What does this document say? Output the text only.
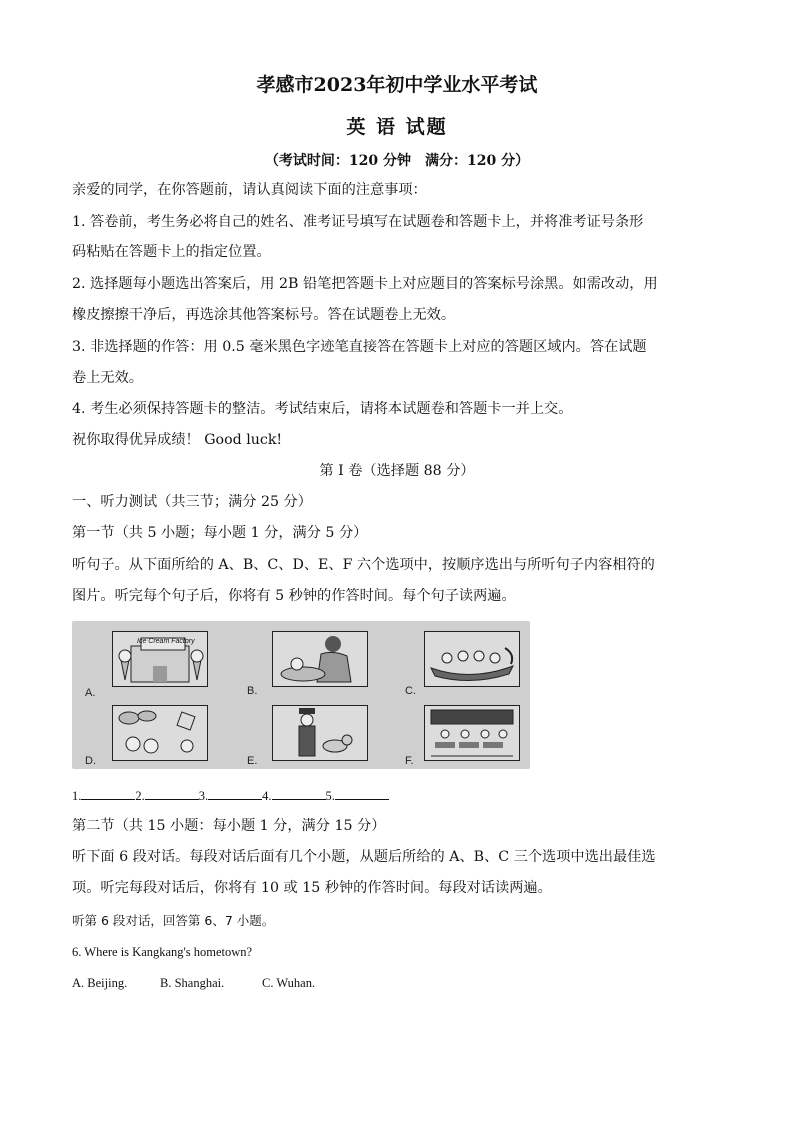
孝感市2023年初中学业水平考试
英 语 试题
（考试时间：120 分钟　满分：120 分）
亲爱的同学，在你答题前，请认真阅读下面的注意事项：
1. 答卷前，考生务必将自己的姓名、准考证号填写在试题卷和答题卡上，并将准考证号条形
码粘贴在答题卡上的指定位置。
2. 选择题每小题选出答案后，用 2B 铅笔把答题卡上对应题目的答案标号涂黑。如需改动，用
橡皮擦擦干净后，再选涂其他答案标号。答在试题卷上无效。
3. 非选择题的作答：用 0.5 毫米黑色字迹笔直接答在答题卡上对应的答题区域内。答在试题
卷上无效。
4. 考生必须保持答题卡的整洁。考试结束后，请将本试题卷和答题卡一并上交。
祝你取得优异成绩！ Good luck!
第 I 卷（选择题 88 分）
一、听力测试（共三节；满分 25 分）
第一节（共 5 小题；每小题 1 分，满分 5 分）
听句子。从下面所给的 A、B、C、D、E、F 六个选项中，按顺序选出与所听句子内容相符的
图片。听完每个句子后，你将有 5 秒钟的作答时间。每个句子读两遍。
Ice Cream Factory
A.	B.	C.
D.	E.	F.
1.	2.	3.	4.	5.
第二节（共 15 小题：每小题 1 分，满分 15 分）
听下面 6 段对话。每段对话后面有几个小题，从题后所给的 A、B、C 三个选项中选出最佳选
项。听完每段对话后，你将有 10 或 15 秒钟的作答时间。每段对话读两遍。
听第 6 段对话，回答第 6、7 小题。
6. Where is Kangkang's hometown?
A. Beijing.	B. Shanghai.	C. Wuhan.
